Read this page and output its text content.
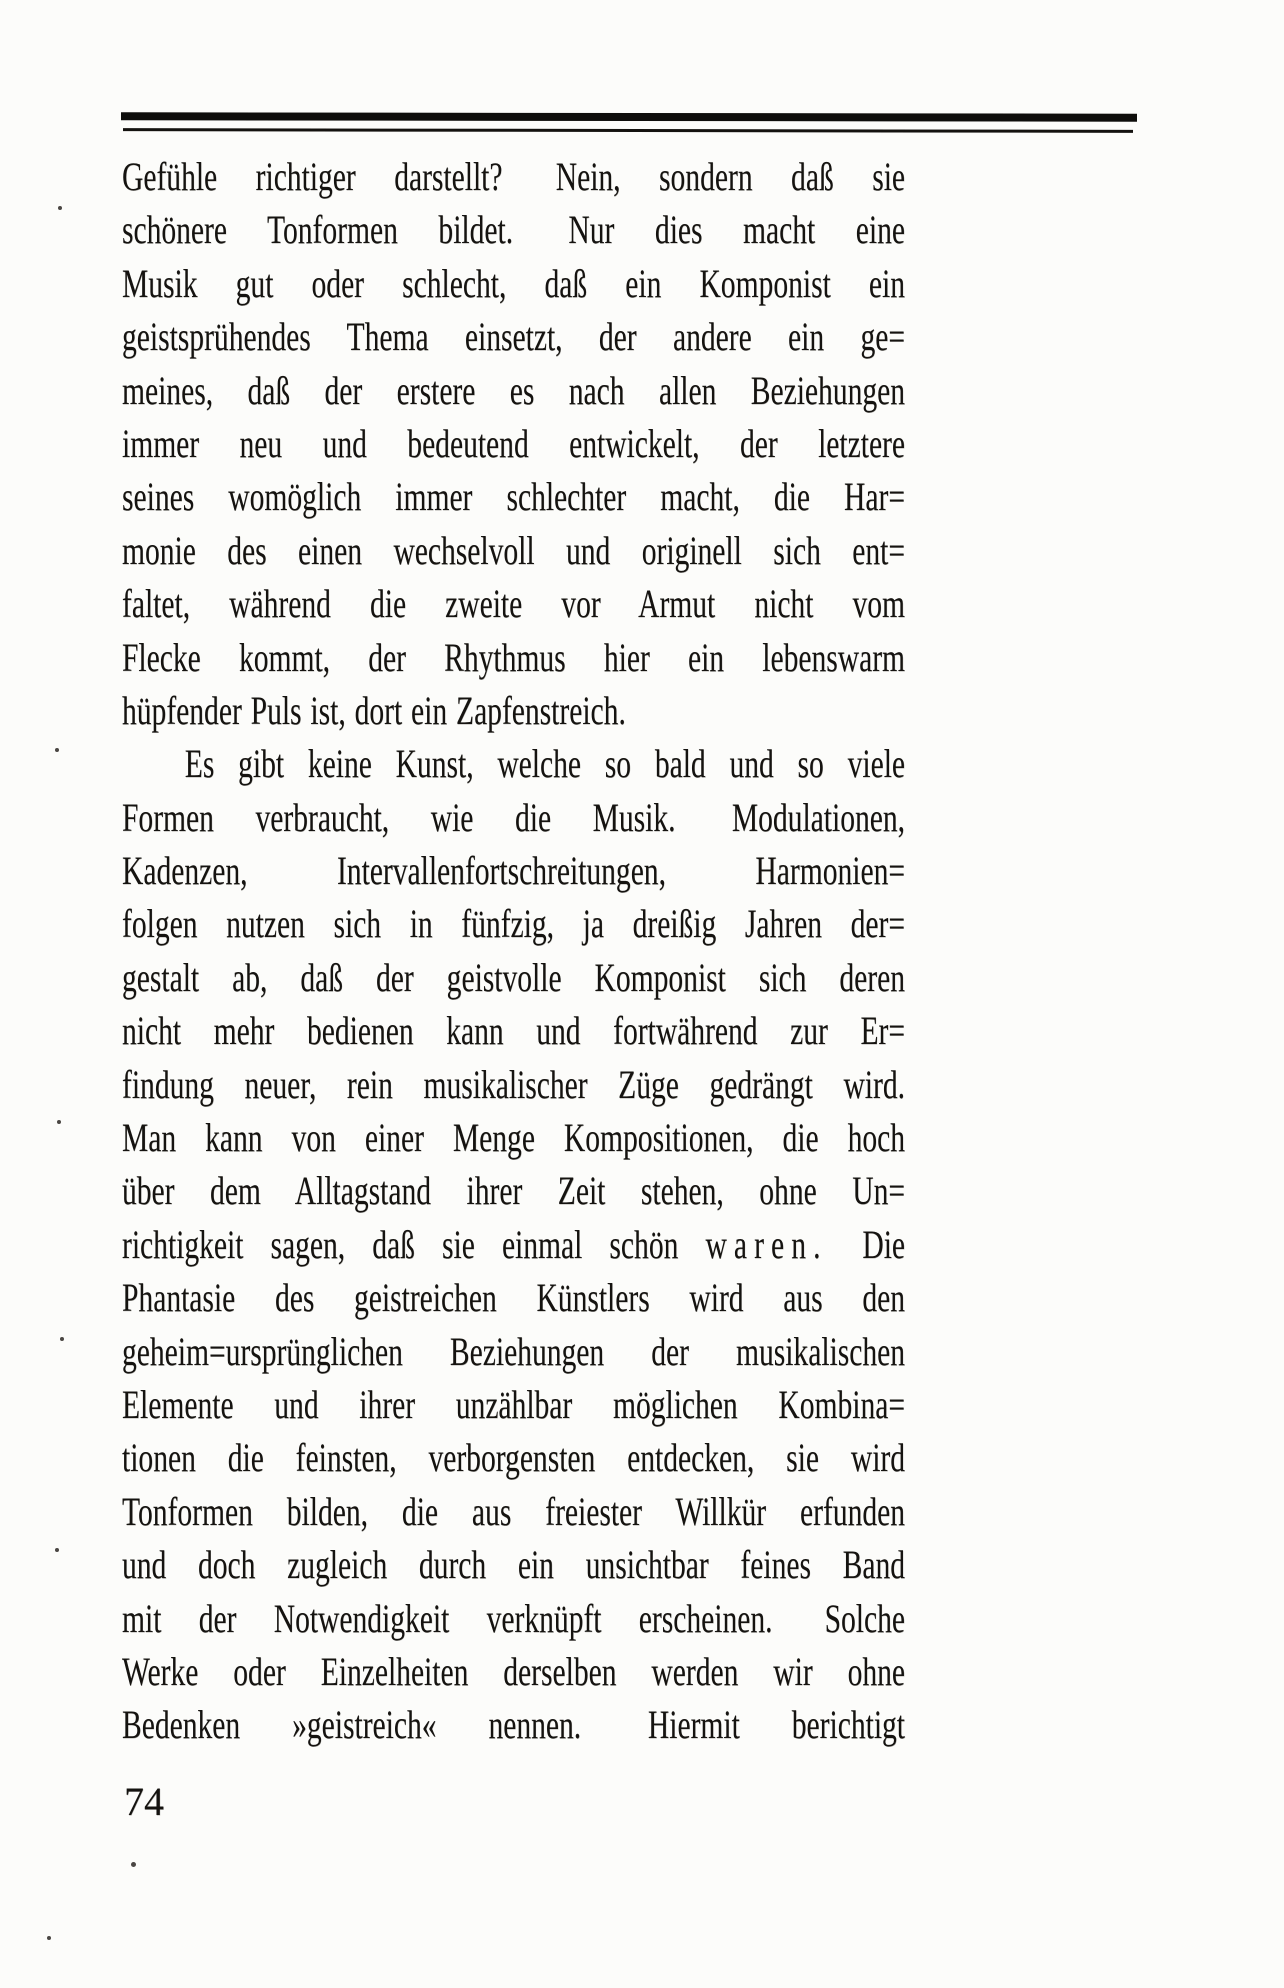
Gefühle richtiger darstellt?  Nein, sondern daß sie
schönere Tonformen bildet.  Nur dies macht eine
Musik gut oder schlecht, daß ein Komponist ein
geistsprühendes Thema einsetzt, der andere ein ge=
meines, daß der erstere es nach allen Beziehungen
immer neu und bedeutend entwickelt, der letztere
seines womöglich immer schlechter macht, die Har=
monie des einen wechselvoll und originell sich ent=
faltet, während die zweite vor Armut nicht vom
Flecke kommt, der Rhythmus hier ein lebenswarm
hüpfender Puls ist, dort ein Zapfenstreich.
Es gibt keine Kunst, welche so bald und so viele
Formen verbraucht, wie die Musik.  Modulationen,
Kadenzen, Intervallenfortschreitungen, Harmonien=
folgen nutzen sich in fünfzig, ja dreißig Jahren der=
gestalt ab, daß der geistvolle Komponist sich deren
nicht mehr bedienen kann und fortwährend zur Er=
findung neuer, rein musikalischer Züge gedrängt wird.
Man kann von einer Menge Kompositionen, die hoch
über dem Alltagstand ihrer Zeit stehen, ohne Un=
richtigkeit sagen, daß sie einmal schön waren.  Die
Phantasie des geistreichen Künstlers wird aus den
geheim=ursprünglichen Beziehungen der musikalischen
Elemente und ihrer unzählbar möglichen Kombina=
tionen die feinsten, verborgensten entdecken, sie wird
Tonformen bilden, die aus freiester Willkür erfunden
und doch zugleich durch ein unsichtbar feines Band
mit der Notwendigkeit verknüpft erscheinen.  Solche
Werke oder Einzelheiten derselben werden wir ohne
Bedenken »geistreich« nennen.  Hiermit berichtigt
74
